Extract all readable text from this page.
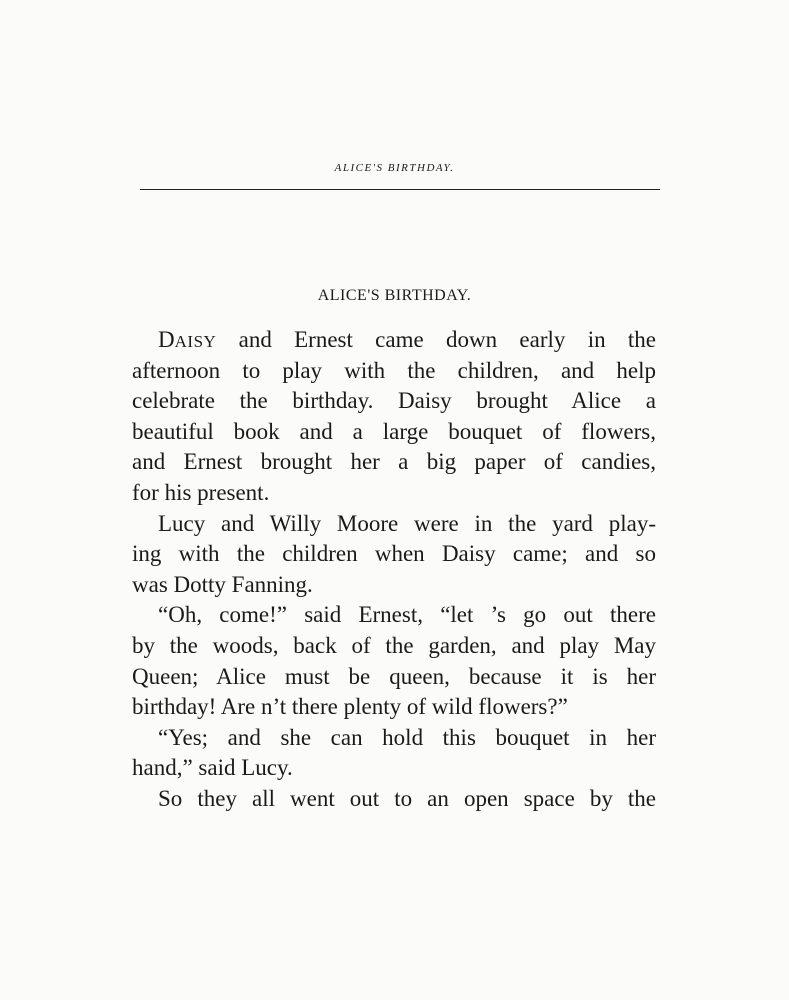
ALICE'S BIRTHDAY.
ALICE'S BIRTHDAY.
DAISY and Ernest came down early in the
afternoon to play with the children, and help
celebrate the birthday. Daisy brought Alice a
beautiful book and a large bouquet of flowers,
and Ernest brought her a big paper of candies,
for his present.
Lucy and Willy Moore were in the yard play-
ing with the children when Daisy came; and so
was Dotty Fanning.
“Oh, come!” said Ernest, “let ’s go out there
by the woods, back of the garden, and play May
Queen; Alice must be queen, because it is her
birthday! Are n’t there plenty of wild flowers?”
“Yes; and she can hold this bouquet in her
hand,” said Lucy.
So they all went out to an open space by the
